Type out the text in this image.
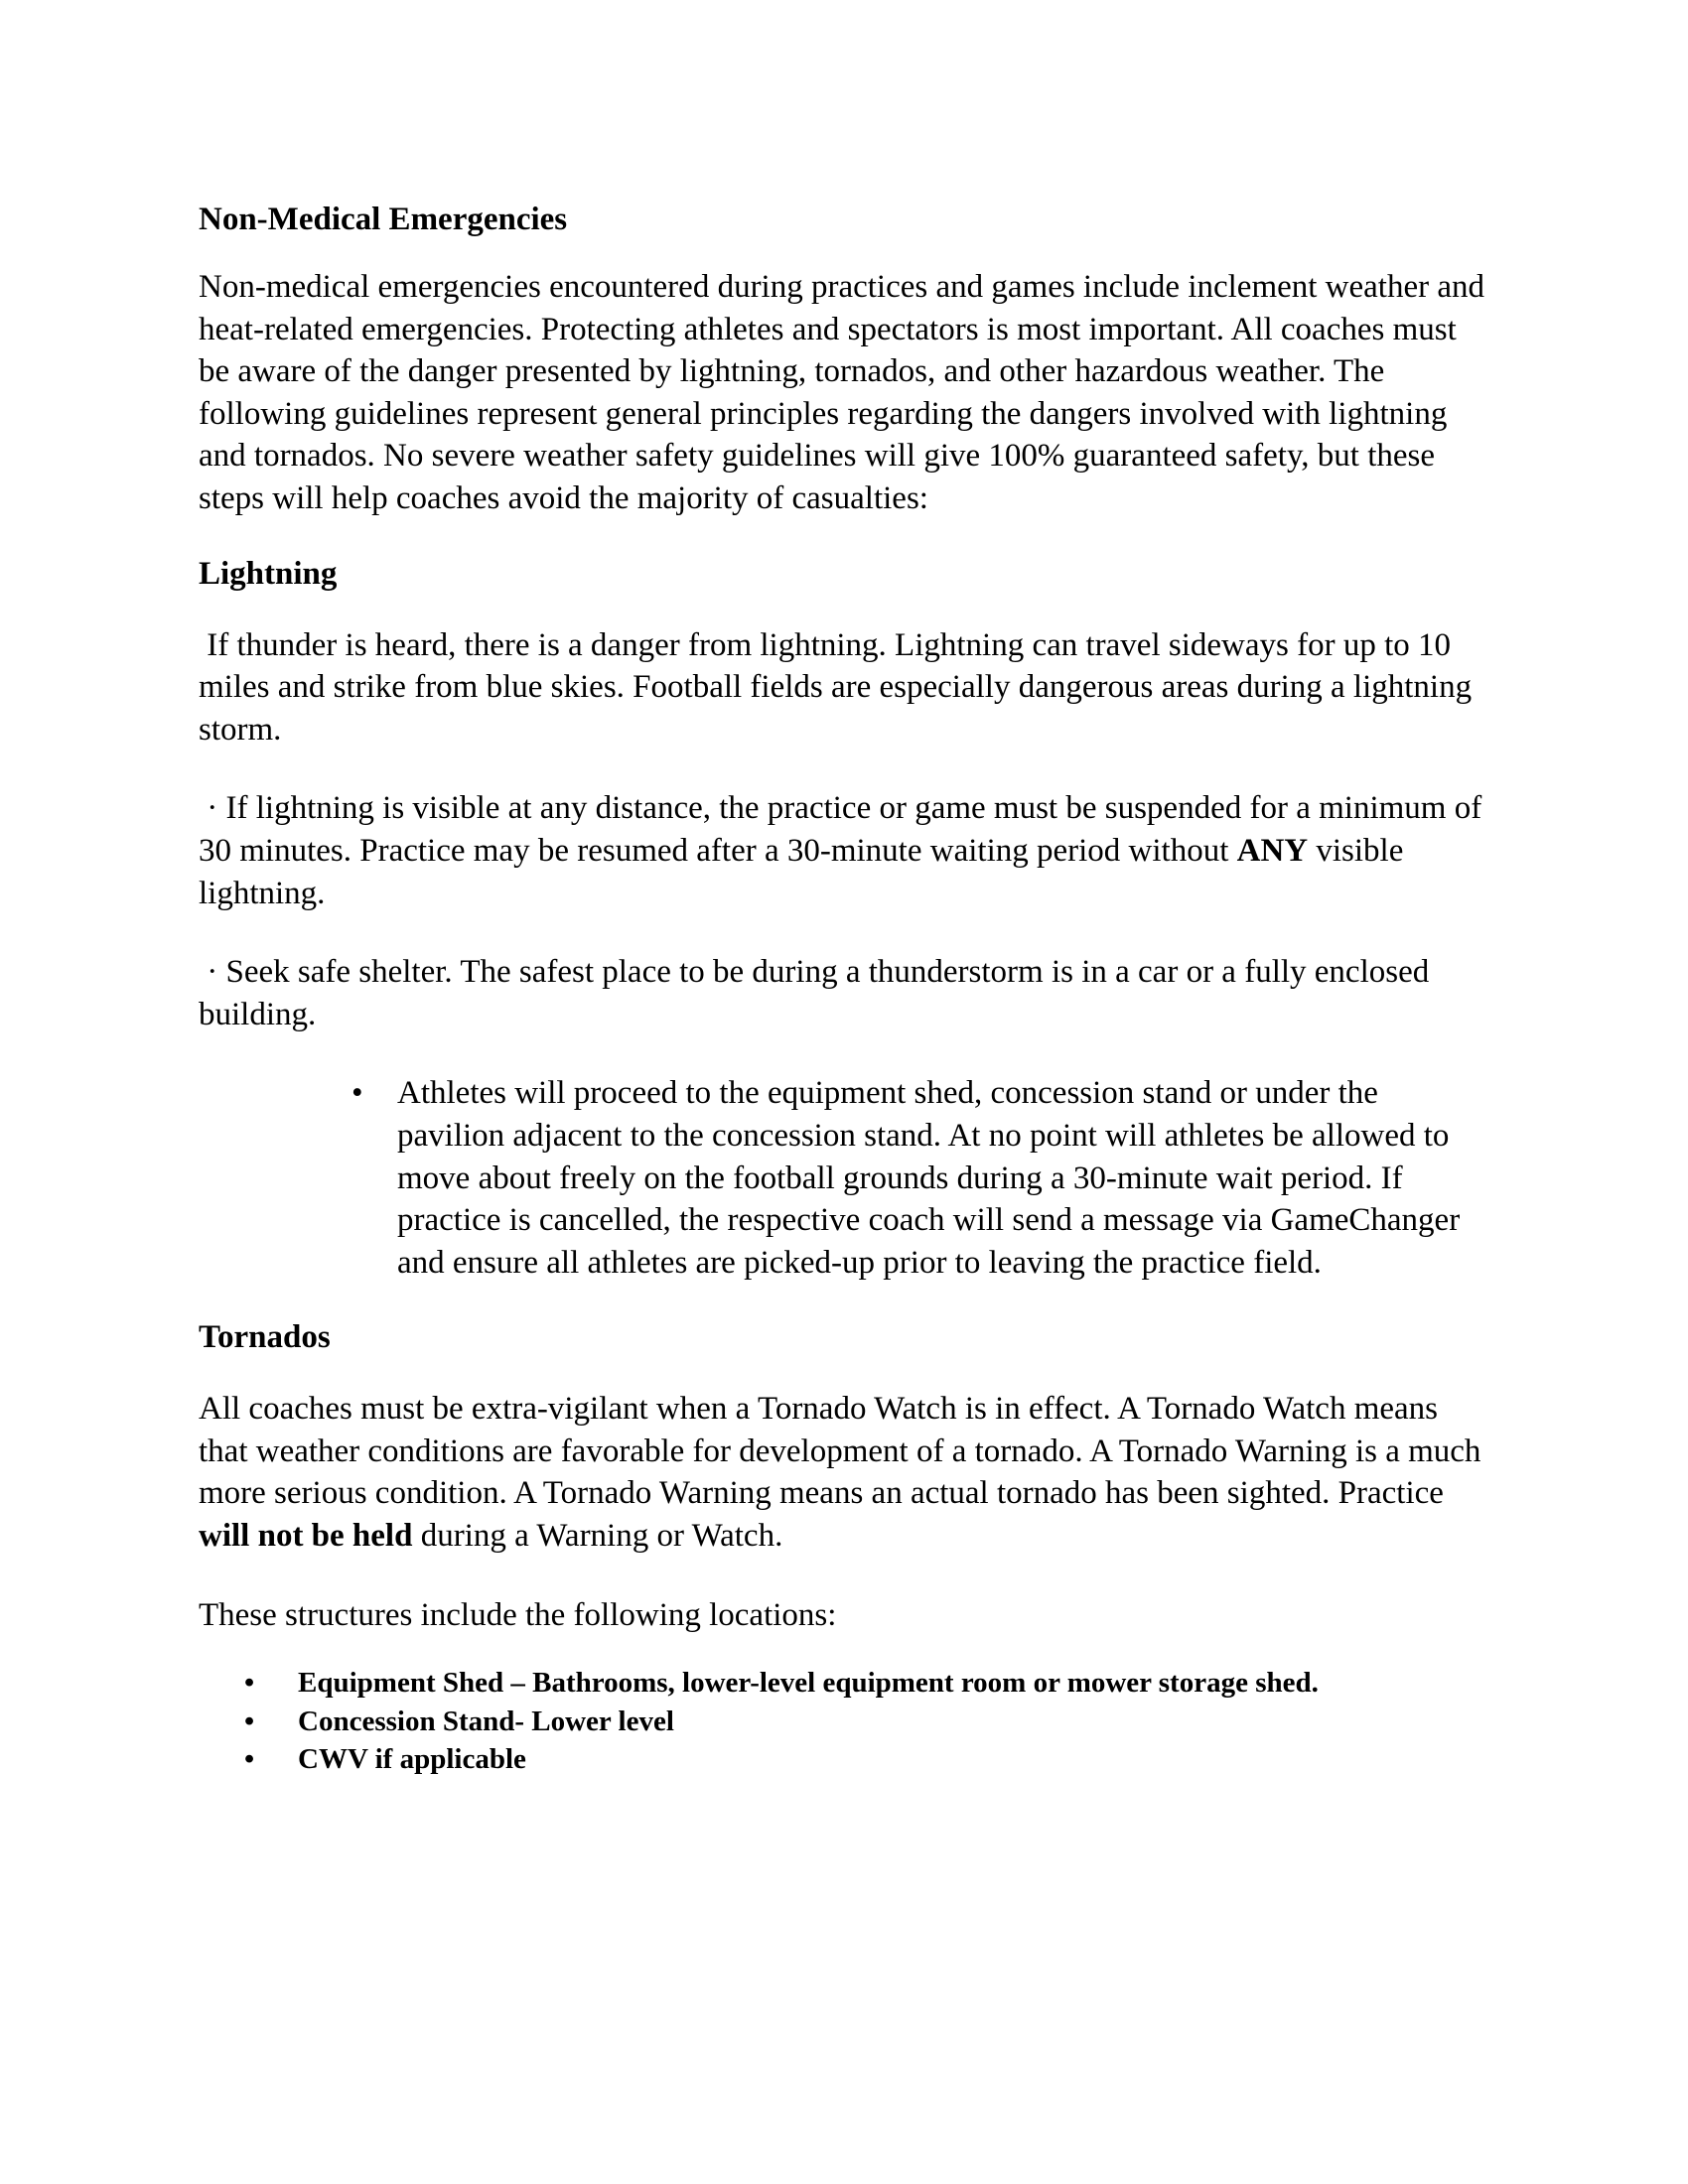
Non-Medical Emergencies

Non-medical emergencies encountered during practices and games include inclement weather and heat-related emergencies. Protecting athletes and spectators is most important. All coaches must be aware of the danger presented by lightning, tornados, and other hazardous weather. The following guidelines represent general principles regarding the dangers involved with lightning and tornados. No severe weather safety guidelines will give 100% guaranteed safety, but these steps will help coaches avoid the majority of casualties:

Lightning

If thunder is heard, there is a danger from lightning. Lightning can travel sideways for up to 10 miles and strike from blue skies. Football fields are especially dangerous areas during a lightning storm.

· If lightning is visible at any distance, the practice or game must be suspended for a minimum of 30 minutes. Practice may be resumed after a 30-minute waiting period without ANY visible lightning.

· Seek safe shelter. The safest place to be during a thunderstorm is in a car or a fully enclosed building.

• Athletes will proceed to the equipment shed, concession stand or under the pavilion adjacent to the concession stand. At no point will athletes be allowed to move about freely on the football grounds during a 30-minute wait period. If practice is cancelled, the respective coach will send a message via GameChanger and ensure all athletes are picked-up prior to leaving the practice field.
Tornados

All coaches must be extra-vigilant when a Tornado Watch is in effect. A Tornado Watch means that weather conditions are favorable for development of a tornado. A Tornado Warning is a much more serious condition. A Tornado Warning means an actual tornado has been sighted. Practice will not be held during a Warning or Watch.

These structures include the following locations:

• Equipment Shed – Bathrooms, lower-level equipment room or mower storage shed.
• Concession Stand- Lower level
• CWV if applicable
